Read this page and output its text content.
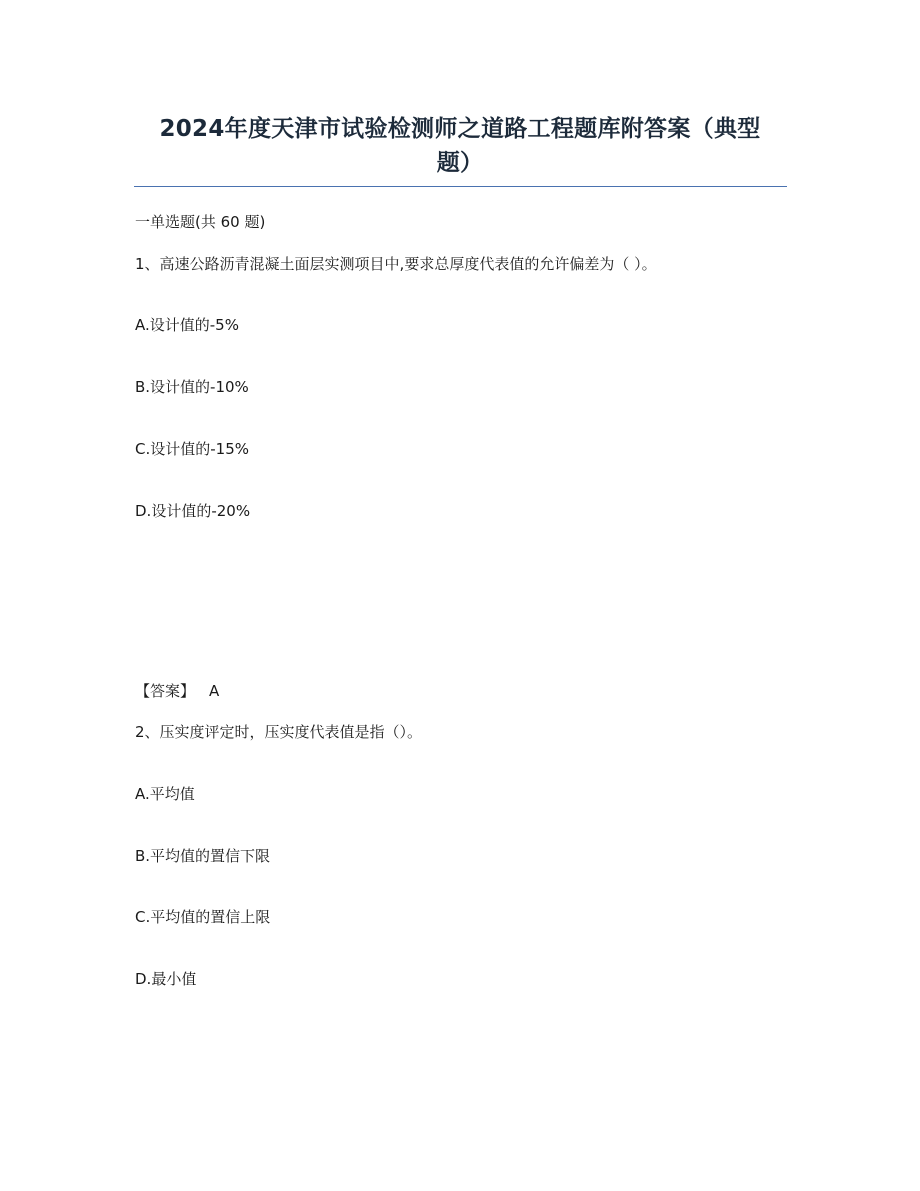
2024年度天津市试验检测师之道路工程题库附答案（典型
题）
一单选题(共 60 题)
1、高速公路沥青混凝土面层实测项目中,要求总厚度代表值的允许偏差为（ ）。
A.设计值的-5%
B.设计值的-10%
C.设计值的-15%
D.设计值的-20%
【答案】 A
2、压实度评定时，压实度代表值是指（）。
A.平均值
B.平均值的置信下限
C.平均值的置信上限
D.最小值
